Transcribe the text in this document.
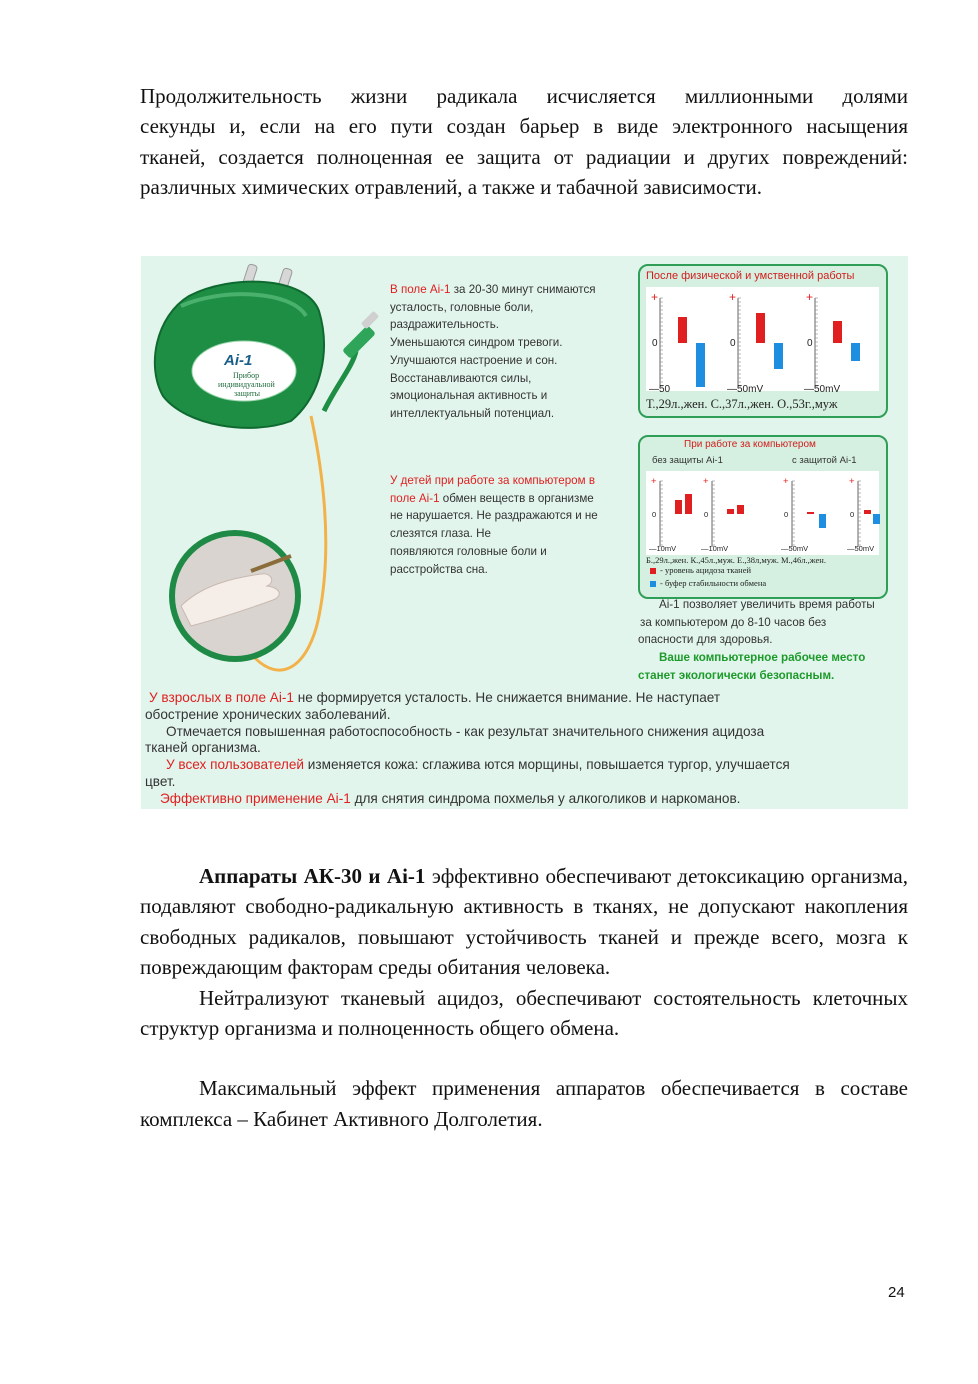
Продолжительность жизни радикала исчисляется миллионными долями

секунды и, если на его пути создан барьер в виде электронного насыщения

тканей, создается полноценная ее защита от радиации и других повреждений:

различных химических отравлений, а также и табачной зависимости.

Ai-1
Прибор
индивидуальной
защиты
В поле Ai-1 за 20-30 минут снимаются
усталость, головные боли,
раздражительность.
Уменьшаются синдром тревоги.
Улучшаются настроение и сон.
Восстанавливаются силы,
эмоциональная активность и
интеллектуальный потенциал.
У детей при работе за компьютером в
поле Ai-1 обмен веществ в организме
не нарушается. Не раздражаются и не
слезятся глаза. Не
появляются головные боли и
расстройства сна.
После физической и умственной работы
+
0
—50
+
0
—50mV
+
0
—50mV
Т.,29л.,жен. С.,37л.,жен. О.,53г.,муж
При работе за компьютером
без защиты Ai-1	с защитой Ai-1
+
0
—10mV
+
0
—10mV
+
0
—50mV
+
0
—50mV
Б.,29л.,жен. К.,45л.,муж. Е.,38л,муж. М.,46л.,жен.
- уровень ацидоза тканей
- буфер стабильности обмена
Ai-1 позволяет увеличить время работы
за компьютером до 8-10 часов без
опасности для здоровья.
Ваше компьютерное рабочее место
станет экологически безопасным.
У взрослых в поле Ai-1 не формируется усталость. Не снижается внимание. Не наступает
обострение хронических заболеваний.
Отмечается повышенная работоспособность - как результат значительного снижения ацидоза
тканей организма.
У всех пользователей изменяется кожа: сглажива ются морщины, повышается тургор, улучшается
цвет.
Эффективно применение Ai-1 для снятия синдрома похмелья у алкоголиков и наркоманов.

Аппараты АК-30 и Ai-1 эффективно обеспечивают детоксикацию организма, подавляют свободно-радикальную активность в тканях, не допускают накопления свободных радикалов, повышают устойчивость тканей и прежде всего, мозга к повреждающим факторам среды обитания человека.

Нейтрализуют тканевый ацидоз, обеспечивают состоятельность клеточных структур организма и полноценность общего обмена.

Максимальный эффект применения аппаратов обеспечивается в составе комплекса – Кабинет Активного Долголетия.

24
